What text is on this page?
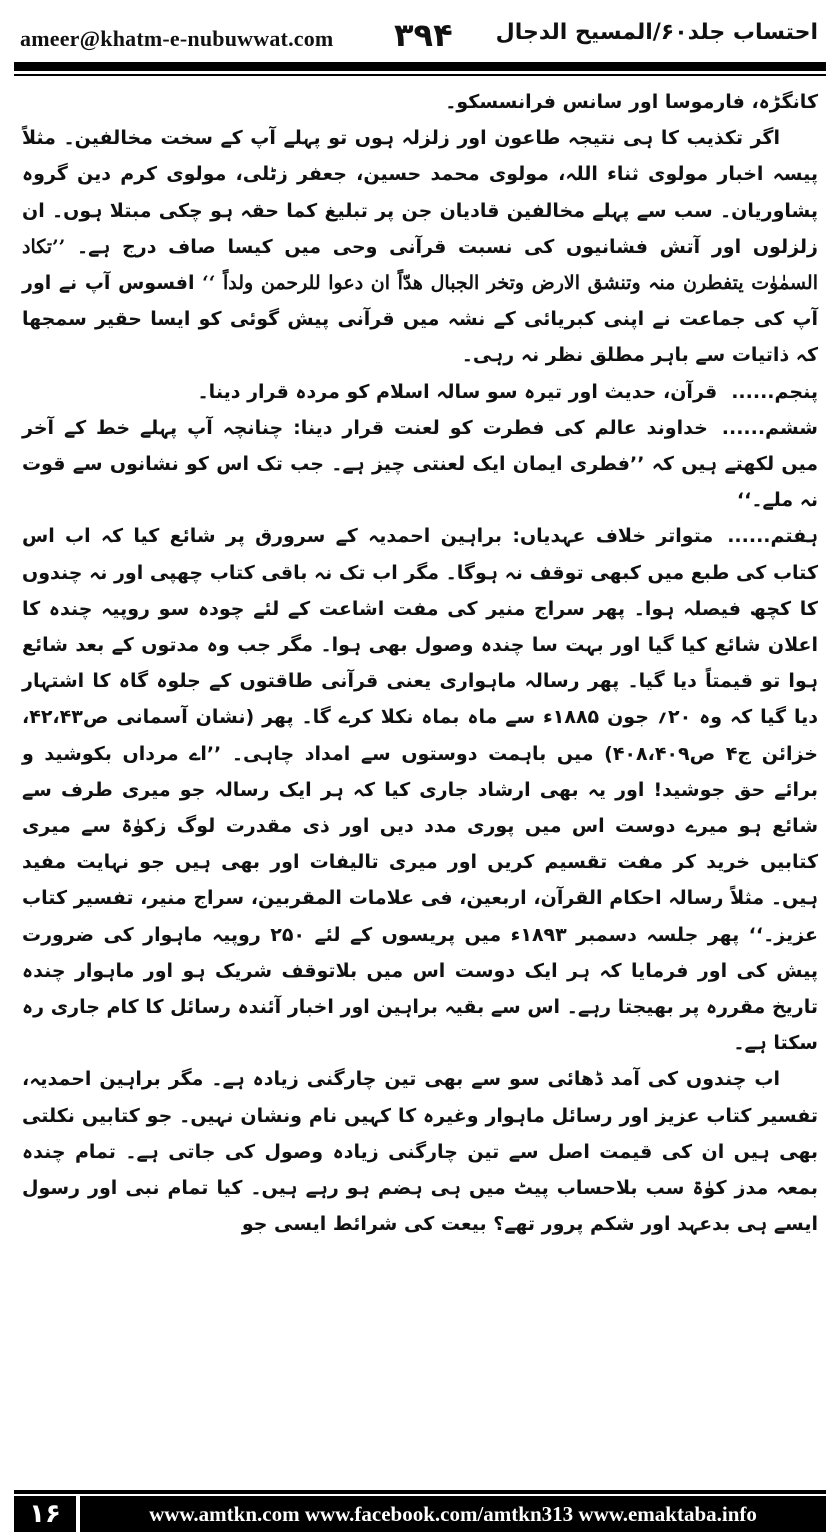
ameer@khatm-e-nubuwwat.com ۳۹۴ احتساب جلد۶۰/المسیح الدجال

کانگڑہ، فارموسا اور سانس فرانسسکو۔

اگر تکذیب کا ہی نتیجہ طاعون اور زلزلہ ہوں تو پہلے آپ کے سخت مخالفین۔ مثلاً پیسہ اخبار مولوی ثناء اللہ، مولوی محمد حسین، جعفر زٹلی، مولوی کرم دین گروہ پشاوریان۔ سب سے پہلے مخالفین قادیان جن پر تبلیغ کما حقہ ہو چکی مبتلا ہوں۔ ان زلزلوں اور آتش فشانیوں کی نسبت قرآنی وحی میں کیسا صاف درج ہے۔ ’’تکاد السمٰوٰت یتفطرن منہ وتنشق الارض وتخر الجبال ھدّاً ان دعوا للرحمن ولداً ‘‘ افسوس آپ نے اور آپ کی جماعت نے اپنی کبریائی کے نشہ میں قرآنی پیش گوئی کو ایسا حقیر سمجھا کہ ذاتیات سے باہر مطلق نظر نہ رہی۔

پنجم......قرآن، حدیث اور تیرہ سو سالہ اسلام کو مردہ قرار دینا۔

ششم......خداوند عالم کی فطرت کو لعنت قرار دینا: چنانچہ آپ پہلے خط کے آخر میں لکھتے ہیں کہ ’’فطری ایمان ایک لعنتی چیز ہے۔ جب تک اس کو نشانوں سے قوت نہ ملے۔‘‘

ہفتم......متواتر خلاف عہدیاں: براہین احمدیہ کے سرورق پر شائع کیا کہ اب اس کتاب کی طبع میں کبھی توقف نہ ہوگا۔ مگر اب تک نہ باقی کتاب چھپی اور نہ چندوں کا کچھ فیصلہ ہوا۔ پھر سراج منیر کی مفت اشاعت کے لئے چودہ سو روپیہ چندہ کا اعلان شائع کیا گیا اور بہت سا چندہ وصول بھی ہوا۔ مگر جب وہ مدتوں کے بعد شائع ہوا تو قیمتاً دیا گیا۔ پھر رسالہ ماہواری یعنی قرآنی طاقتوں کے جلوہ گاہ کا اشتہار دیا گیا کہ وہ ۲۰؍ جون ۱۸۸۵ء سے ماہ بماہ نکلا کرے گا۔ پھر (نشان آسمانی ص۴۲،۴۳، خزائن ج۴ ص۴۰۸،۴۰۹) میں باہمت دوستوں سے امداد چاہی۔ ’’اے مرداں بکوشید و برائے حق جوشید! اور یہ بھی ارشاد جاری کیا کہ ہر ایک رسالہ جو میری طرف سے شائع ہو میرے دوست اس میں پوری مدد دیں اور ذی مقدرت لوگ زکوٰۃ سے میری کتابیں خرید کر مفت تقسیم کریں اور میری تالیفات اور بھی ہیں جو نہایت مفید ہیں۔ مثلاً رسالہ احکام القرآن، اربعین، فی علامات المقربین، سراج منیر، تفسیر کتاب عزیز۔‘‘ پھر جلسہ دسمبر ۱۸۹۳ء میں پریسوں کے لئے ۲۵۰ روپیہ ماہوار کی ضرورت پیش کی اور فرمایا کہ ہر ایک دوست اس میں بلاتوقف شریک ہو اور ماہوار چندہ تاریخ مقررہ پر بھیجتا رہے۔ اس سے بقیہ براہین اور اخبار آئندہ رسائل کا کام جاری رہ سکتا ہے۔

اب چندوں کی آمد ڈھائی سو سے بھی تین چارگنی زیادہ ہے۔ مگر براہین احمدیہ، تفسیر کتاب عزیز اور رسائل ماہوار وغیرہ کا کہیں نام ونشان نہیں۔ جو کتابیں نکلتی بھی ہیں ان کی قیمت اصل سے تین چارگنی زیادہ وصول کی جاتی ہے۔ تمام چندہ بمعہ مدز کوٰۃ سب بلاحساب پیٹ میں ہی ہضم ہو رہے ہیں۔ کیا تمام نبی اور رسول ایسے ہی بدعہد اور شکم پرور تھے؟ بیعت کی شرائط ایسی جو

۱۶	www.amtkn.com www.facebook.com/amtkn313 www.emaktaba.info
